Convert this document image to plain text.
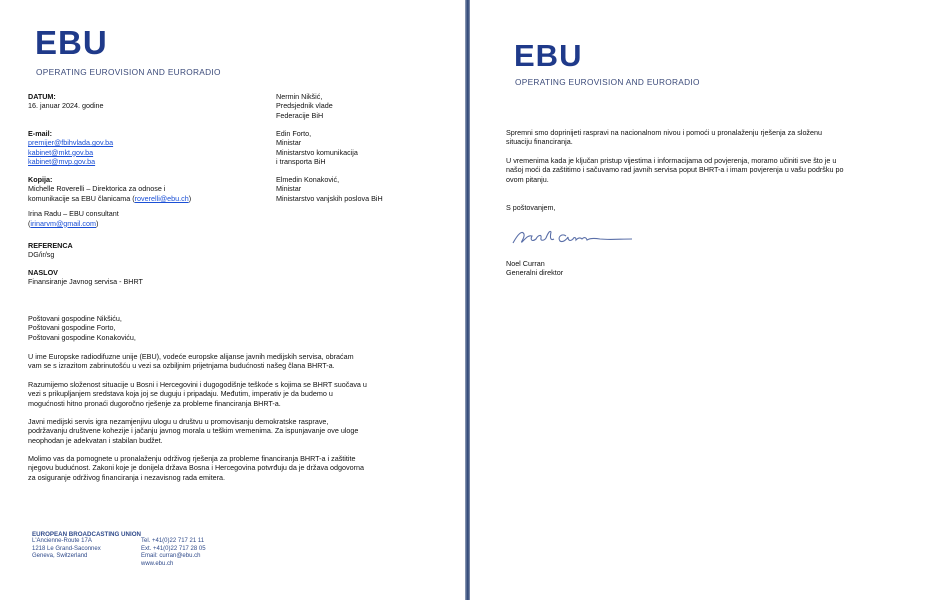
EBU
OPERATING EUROVISION AND EURORADIO
DATUM:
16. januar 2024. godine
E-mail:
premijer@fbihvlada.gov.ba
kabinet@mkt.gov.ba
kabinet@mvp.gov.ba
Kopija:
Michelle Roverelli – Direktorica za odnose i
komunikacije sa EBU članicama (roverelli@ebu.ch)
Irina Radu – EBU consultant
(irinarvm@gmail.com)
REFERENCA
DG/ir/sg
NASLOV
Finansiranje Javnog servisa - BHRT
Nermin Nikšić,
Predsjednik vlade
Federacije BiH
Edin Forto,
Ministar
Ministarstvo komunikacija
i transporta BiH
Elmedin Konaković,
Ministar
Ministarstvo vanjskih poslova BiH
Poštovani gospodine Nikšiću,
Poštovani gospodine Forto,
Poštovani gospodine Konakoviću,
U ime Europske radiodifuzne unije (EBU), vodeće europske alijanse javnih medijskih servisa, obraćam
vam se s izrazitom zabrinutošću u vezi sa ozbiljnim prijetnjama budućnosti našeg člana BHRT-a.
Razumijemo složenost situacije u Bosni i Hercegovini i dugogodišnje teškoće s kojima se BHRT suočava u
vezi s prikupljanjem sredstava koja joj se duguju i pripadaju. Međutim, imperativ je da budemo u
mogućnosti hitno pronaći dugoročno rješenje za probleme financiranja BHRT-a.
Javni medijski servis igra nezamjenjivu ulogu u društvu u promovisanju demokratske rasprave,
podržavanju društvene kohezije i jačanju javnog morala u teškim vremenima. Za ispunjavanje ove uloge
neophodan je adekvatan i stabilan budžet.
Molimo vas da pomognete u pronalaženju održivog rješenja za probleme financiranja BHRT-a i zaštitite
njegovu budućnost. Zakoni koje je donijela država Bosna i Hercegovina potvrđuju da je država odgovorna
za osiguranje održivog financiranja i nezavisnog rada emitera.
EUROPEAN BROADCASTING UNION
L'Ancienne-Route 17A
1218 Le Grand-Saconnex
Geneva, Switzerland
Tel. +41(0)22 717 21 11
Ext. +41(0)22 717 28 05
Email: curran@ebu.ch
www.ebu.ch
EBU
OPERATING EUROVISION AND EURORADIO
Spremni smo doprinijeti raspravi na nacionalnom nivou i pomoći u pronalaženju rješenja za složenu
situaciju financiranja.
U vremenima kada je ključan pristup vijestima i informacijama od povjerenja, moramo učiniti sve što je u
našoj moći da zaštitimo i sačuvamo rad javnih servisa poput BHRT-a i imam povjerenja u vašu podršku po
ovom pitanju.
S poštovanjem,
Noel Curran
Generalni direktor
